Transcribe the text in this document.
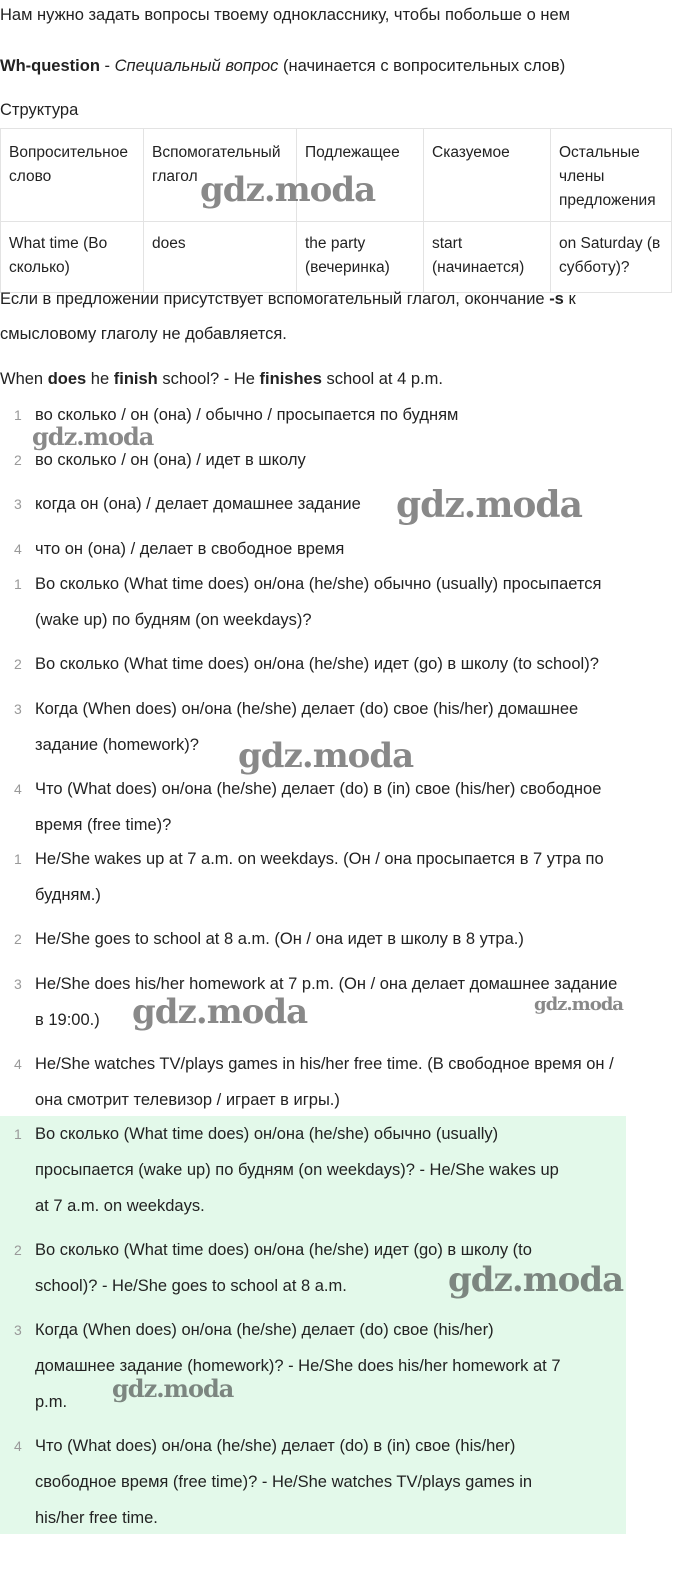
Нам нужно задать вопросы твоему однокласснику, чтобы побольше о нем

Wh-question - Специальный вопрос (начинается с вопросительных слов)

Структура

Вопросительное слово	Вспомогательный глагол	Подлежащее	Сказуемое	Остальные члены предложения
What time (Во сколько)	does	the party (вечеринка)	start (начинается)	on Saturday (в субботу)?

Если в предложении присутствует вспомогательный глагол, окончание -s к

смысловому глаголу не добавляется.

When does he finish school? - He finishes school at 4 p.m.

1 во сколько / он (она) / обычно / просыпается по будням
2 во сколько / он (она) / идет в школу
3 когда он (она) / делает домашнее задание
4 что он (она) / делает в свободное время
1 Во сколько (What time does) он/она (he/she) обычно (usually) просыпается
(wake up) по будням (on weekdays)?
2 Во сколько (What time does) он/она (he/she) идет (go) в школу (to school)?
3 Когда (When does) он/она (he/she) делает (do) свое (his/her) домашнее
задание (homework)?
4 Что (What does) он/она (he/she) делает (do) в (in) свое (his/her) свободное
время (free time)?
1 He/She wakes up at 7 a.m. on weekdays. (Он / она просыпается в 7 утра по
будням.)
2 He/She goes to school at 8 a.m. (Он / она идет в школу в 8 утра.)
3 He/She does his/her homework at 7 p.m. (Он / она делает домашнее задание
в 19:00.)
4 He/She watches TV/plays games in his/her free time. (В свободное время он /
она смотрит телевизор / играет в игры.)
1 Во сколько (What time does) он/она (he/she) обычно (usually)
просыпается (wake up) по будням (on weekdays)? - He/She wakes up
at 7 a.m. on weekdays.
2 Во сколько (What time does) он/она (he/she) идет (go) в школу (to
school)? - He/She goes to school at 8 a.m.
3 Когда (When does) он/она (he/she) делает (do) свое (his/her)
домашнее задание (homework)? - He/She does his/her homework at 7
p.m.
4 Что (What does) он/она (he/she) делает (do) в (in) свое (his/her)
свободное время (free time)? - He/She watches TV/plays games in
his/her free time.
gdz.moda
gdz.moda
gdz.moda
gdz.moda
gdz.moda	gdz.moda
gdz.moda
gdz.moda
